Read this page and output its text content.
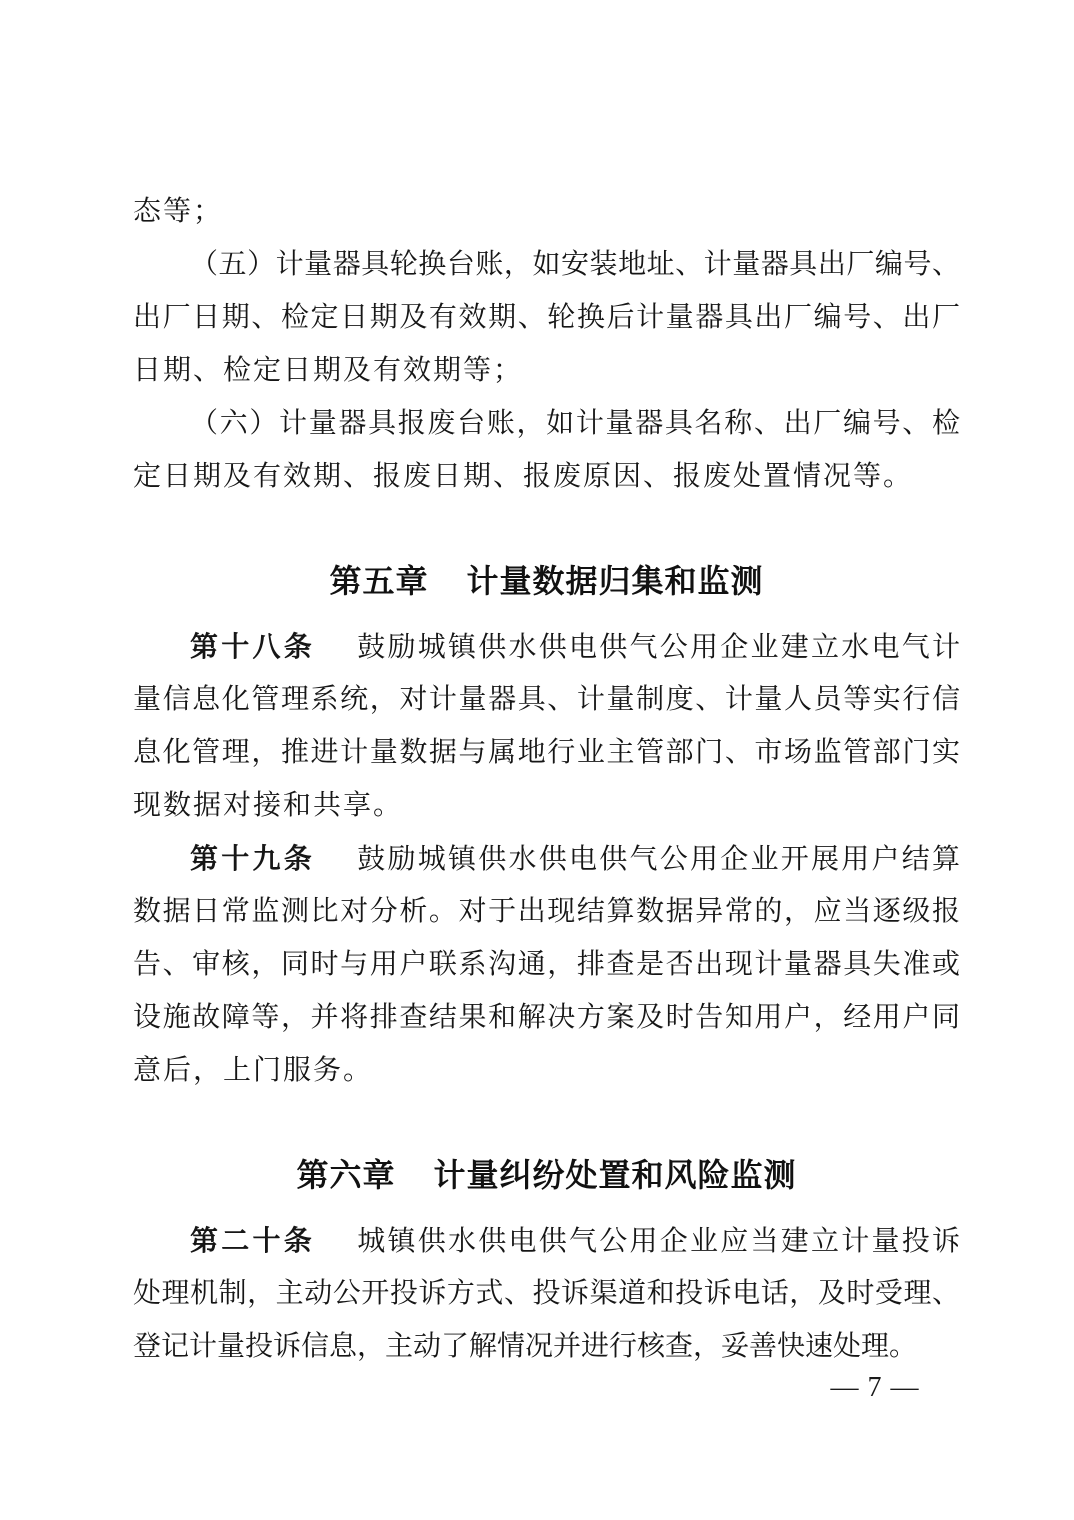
态等；
（五）计量器具轮换台账，如安装地址、计量器具出厂编号、
出厂日期、检定日期及有效期、轮换后计量器具出厂编号、出厂
日期、检定日期及有效期等；
（六）计量器具报废台账，如计量器具名称、出厂编号、检
定日期及有效期、报废日期、报废原因、报废处置情况等。
第五章 计量数据归集和监测
第十八条 鼓励城镇供水供电供气公用企业建立水电气计
量信息化管理系统，对计量器具、计量制度、计量人员等实行信
息化管理，推进计量数据与属地行业主管部门、市场监管部门实
现数据对接和共享。
第十九条 鼓励城镇供水供电供气公用企业开展用户结算
数据日常监测比对分析。对于出现结算数据异常的，应当逐级报
告、审核，同时与用户联系沟通，排查是否出现计量器具失准或
设施故障等，并将排查结果和解决方案及时告知用户，经用户同
意后，上门服务。
第六章 计量纠纷处置和风险监测
第二十条 城镇供水供电供气公用企业应当建立计量投诉
处理机制，主动公开投诉方式、投诉渠道和投诉电话，及时受理、
登记计量投诉信息，主动了解情况并进行核查，妥善快速处理。
— 7 —
